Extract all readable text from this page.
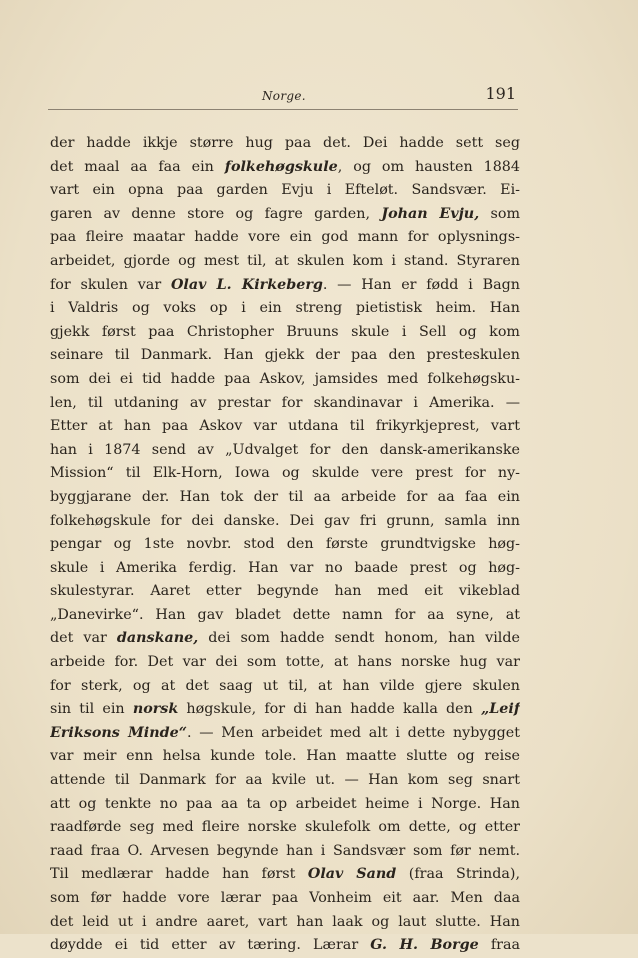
Norge.	191
der hadde ikkje større hug paa det. Dei hadde sett seg
det maal aa faa ein folkehøgskule, og om hausten 1884
vart ein opna paa garden Evju i Efteløt. Sandsvær. Ei-
garen av denne store og fagre garden, Johan Evju, som
paa fleire maatar hadde vore ein god mann for oplysnings-
arbeidet, gjorde og mest til, at skulen kom i stand. Styraren
for skulen var Olav L. Kirkeberg. — Han er fødd i Bagn
i Valdris og voks op i ein streng pietistisk heim. Han
gjekk først paa Christopher Bruuns skule i Sell og kom
seinare til Danmark. Han gjekk der paa den presteskulen
som dei ei tid hadde paa Askov, jamsides med folkehøgsku-
len, til utdaning av prestar for skandinavar i Amerika. —
Etter at han paa Askov var utdana til frikyrkjeprest, vart
han i 1874 send av „Udvalget for den dansk-amerikanske
Mission“ til Elk-Horn, Iowa og skulde vere prest for ny-
byggjarane der. Han tok der til aa arbeide for aa faa ein
folkehøgskule for dei danske. Dei gav fri grunn, samla inn
pengar og 1ste novbr. stod den første grundtvigske høg-
skule i Amerika ferdig. Han var no baade prest og høg-
skulestyrar. Aaret etter begynde han med eit vikeblad
„Danevirke“. Han gav bladet dette namn for aa syne, at
det var danskane, dei som hadde sendt honom, han vilde
arbeide for. Det var dei som totte, at hans norske hug var
for sterk, og at det saag ut til, at han vilde gjere skulen
sin til ein norsk høgskule, for di han hadde kalla den „Leif
Eriksons Minde“. — Men arbeidet med alt i dette nybygget
var meir enn helsa kunde tole. Han maatte slutte og reise
attende til Danmark for aa kvile ut. — Han kom seg snart
att og tenkte no paa aa ta op arbeidet heime i Norge. Han
raadførde seg med fleire norske skulefolk om dette, og etter
raad fraa O. Arvesen begynde han i Sandsvær som før nemt.
Til medlærar hadde han først Olav Sand (fraa Strinda),
som før hadde vore lærar paa Vonheim eit aar. Men daa
det leid ut i andre aaret, vart han laak og laut slutte. Han
døydde ei tid etter av tæring. Lærar G. H. Borge fraa
